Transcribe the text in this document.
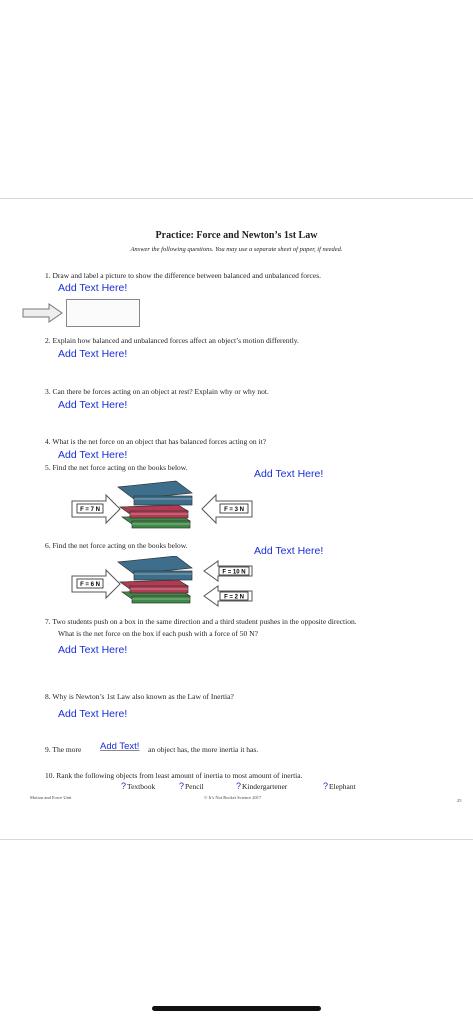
Practice: Force and Newton’s 1st Law
Answer the following questions. You may use a separate sheet of paper, if needed.
1. Draw and label a picture to show the difference between balanced and unbalanced forces.
Add Text Here!
2. Explain how balanced and unbalanced forces affect an object’s motion differently.
Add Text Here!
3. Can there be forces acting on an object at rest? Explain why or why not.
Add Text Here!
4. What is the net force on an object that has balanced forces acting on it?
Add Text Here!
5. Find the net force acting on the books below.
Add Text Here!
F = 7 N	F = 3 N
6. Find the net force acting on the books below.	Add Text Here!
F = 6 N
F = 10 N
F = 2 N
7. Two students push on a box in the same direction and a third student pushes in the opposite direction.
What is the net force on the box if each push with a force of 50 N?
Add Text Here!
8. Why is Newton’s 1st Law also known as the Law of Inertia?
Add Text Here!
9. The more Add Text! an object has, the more inertia it has.
10. Rank the following objects from least amount of inertia to most amount of inertia.
?Textbook	?Pencil	?Kindergartener	?Elephant
Motion and Force Unit	© It’s Not Rocket Science 2017
25
